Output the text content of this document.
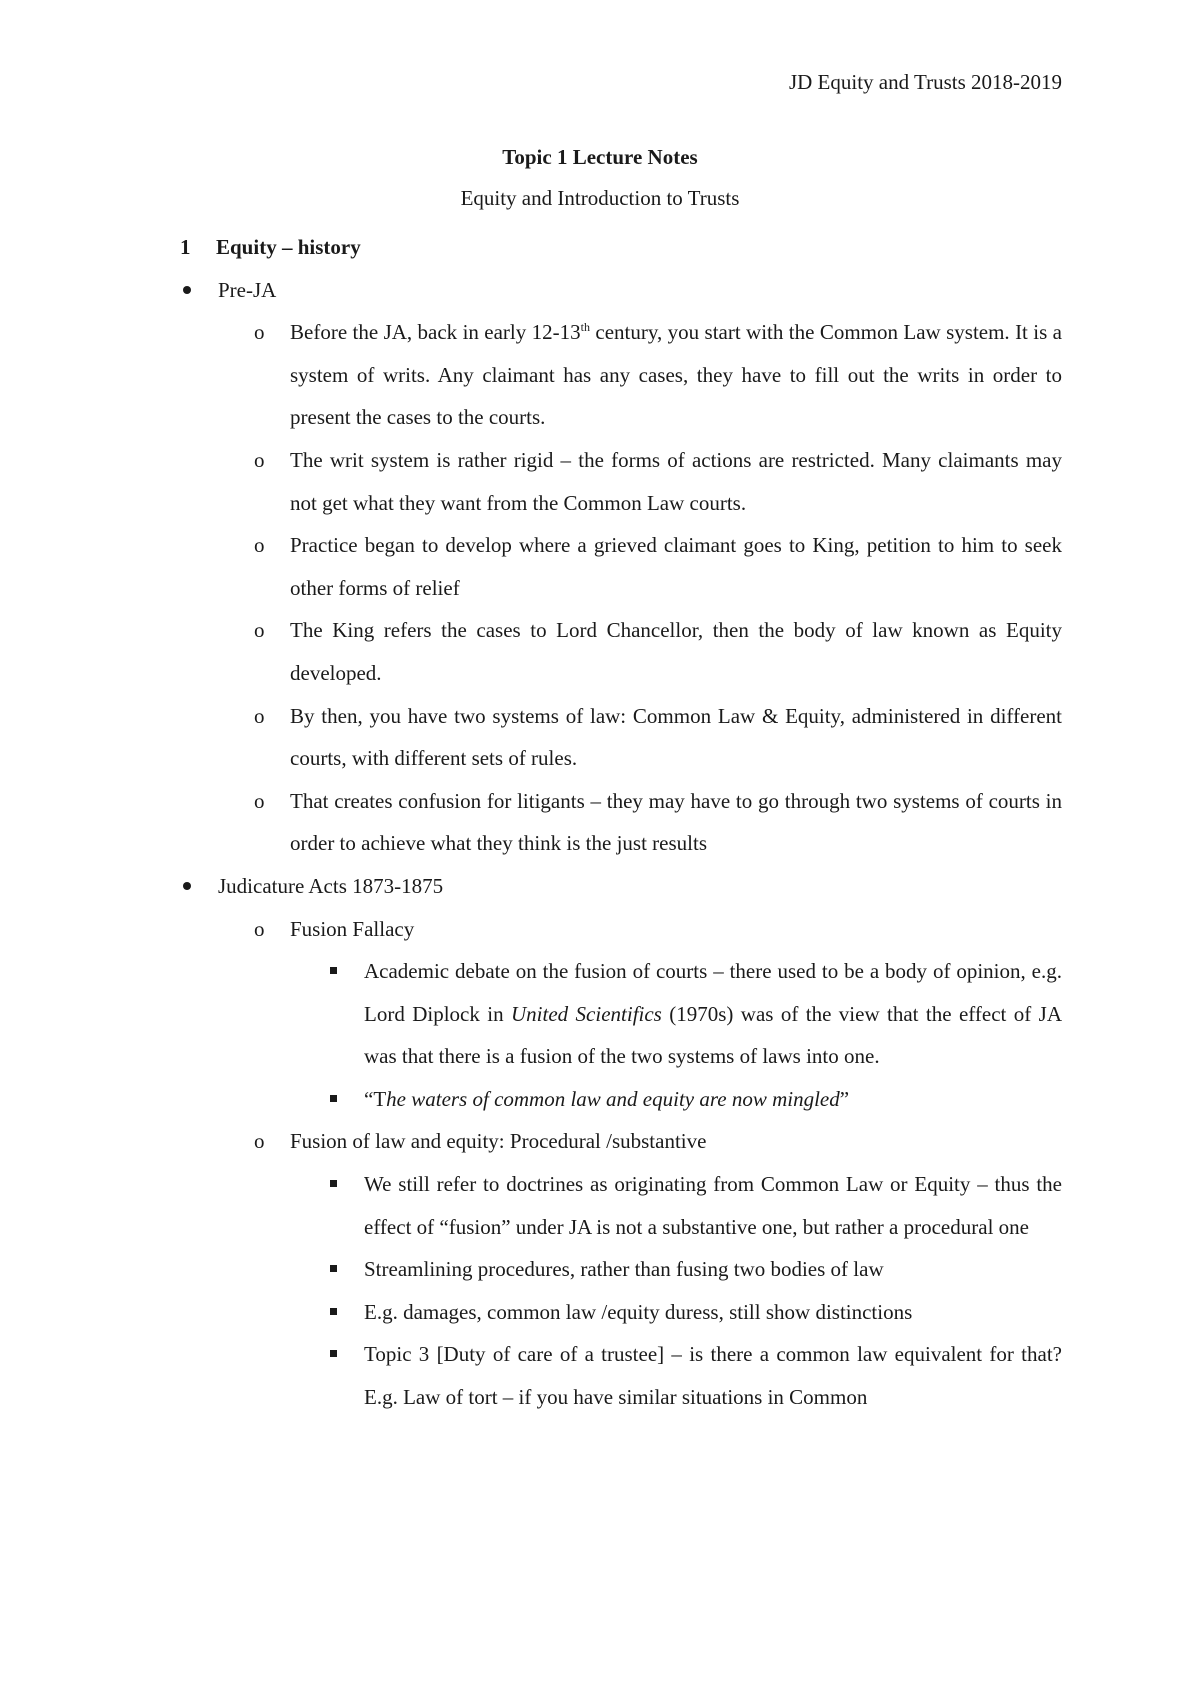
JD Equity and Trusts 2018-2019
Topic 1 Lecture Notes
Equity and Introduction to Trusts
1	Equity – history
Pre-JA
o	Before the JA, back in early 12-13th century, you start with the Common Law system. It is a system of writs. Any claimant has any cases, they have to fill out the writs in order to present the cases to the courts.
o	The writ system is rather rigid – the forms of actions are restricted. Many claimants may not get what they want from the Common Law courts.
o	Practice began to develop where a grieved claimant goes to King, petition to him to seek other forms of relief
o	The King refers the cases to Lord Chancellor, then the body of law known as Equity developed.
o	By then, you have two systems of law: Common Law & Equity, administered in different courts, with different sets of rules.
o	That creates confusion for litigants – they may have to go through two systems of courts in order to achieve what they think is the just results
Judicature Acts 1873-1875
o	Fusion Fallacy
Academic debate on the fusion of courts – there used to be a body of opinion, e.g. Lord Diplock in United Scientifics (1970s) was of the view that the effect of JA was that there is a fusion of the two systems of laws into one.
“The waters of common law and equity are now mingled”
o	Fusion of law and equity: Procedural /substantive
We still refer to doctrines as originating from Common Law or Equity – thus the effect of “fusion” under JA is not a substantive one, but rather a procedural one
Streamlining procedures, rather than fusing two bodies of law
E.g. damages, common law /equity duress, still show distinctions
Topic 3 [Duty of care of a trustee] – is there a common law equivalent for that? E.g. Law of tort – if you have similar situations in Common
